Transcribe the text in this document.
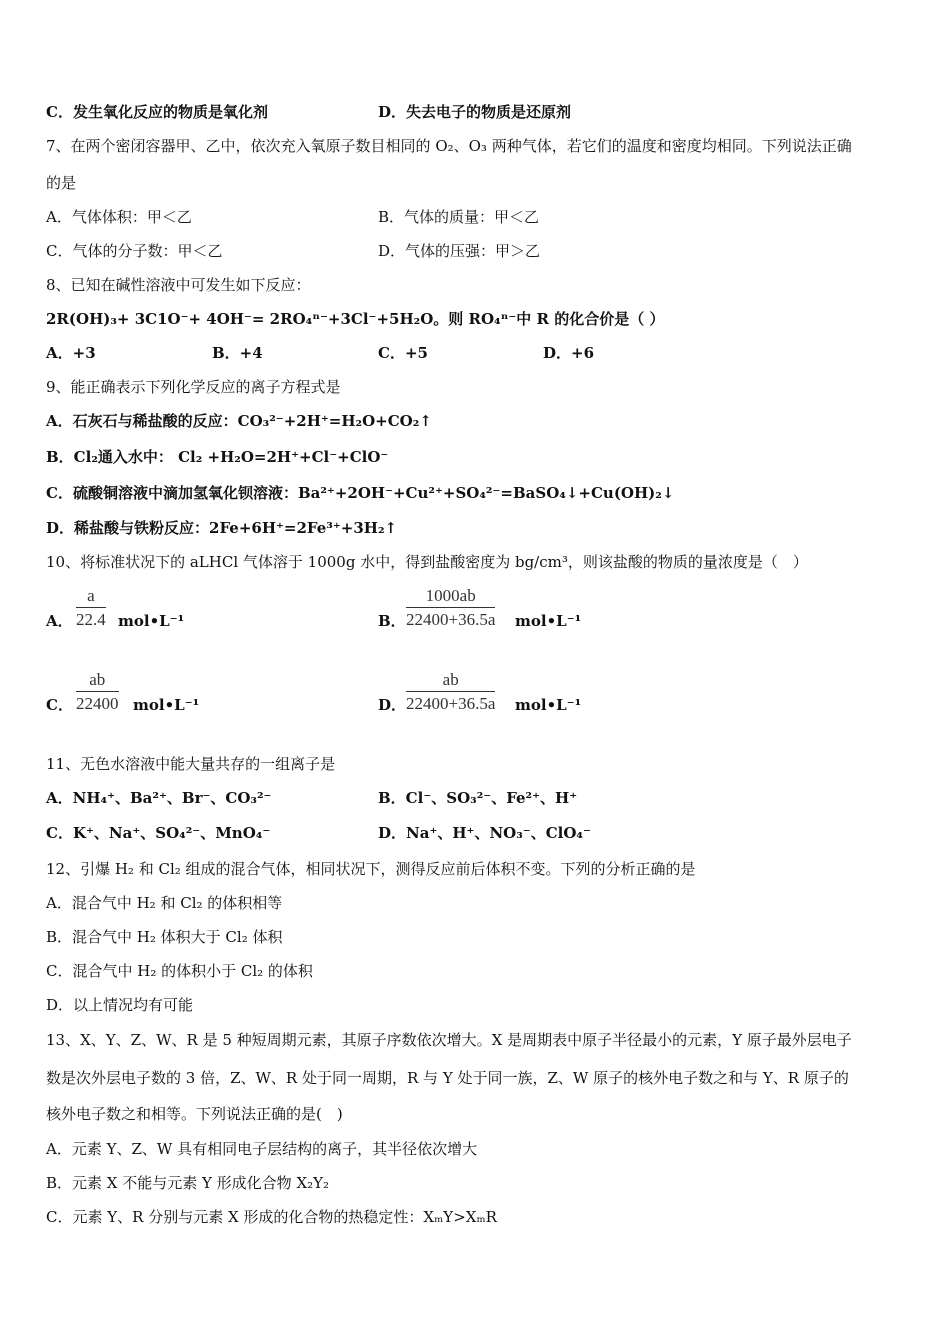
C．发生氧化反应的物质是氧化剂	D．失去电子的物质是还原剂
7、在两个密闭容器甲、乙中，依次充入氧原子数目相同的 O₂、O₃ 两种气体，若它们的温度和密度均相同。下列说法正确
的是
A．气体体积：甲＜乙	B．气体的质量：甲＜乙
C．气体的分子数：甲＜乙	D．气体的压强：甲＞乙
8、已知在碱性溶液中可发生如下反应：
2R(OH)₃+ 3C1O⁻+ 4OH⁻= 2RO₄ⁿ⁻+3Cl⁻+5H₂O。则 RO₄ⁿ⁻中 R 的化合价是（ ）
A．+3	B．+4	C．+5	D．+6
9、能正确表示下列化学反应的离子方程式是
A．石灰石与稀盐酸的反应：CO₃²⁻+2H⁺=H₂O+CO₂↑
B．Cl₂通入水中： Cl₂ +H₂O=2H⁺+Cl⁻+ClO⁻
C．硫酸铜溶液中滴加氢氧化钡溶液：Ba²⁺+2OH⁻+Cu²⁺+SO₄²⁻=BaSO₄↓+Cu(OH)₂↓
D．稀盐酸与铁粉反应：2Fe+6H⁺=2Fe³⁺+3H₂↑
10、将标准状况下的 aLHCl 气体溶于 1000g 水中，得到盐酸密度为 bg/cm³，则该盐酸的物质的量浓度是（　）
A． $\frac{a}{22.4}$ mol•L⁻¹	B． $\frac{1000ab}{22400+36.5a}$ mol•L⁻¹
C． $\frac{ab}{22400}$ mol•L⁻¹	D． $\frac{ab}{22400+36.5a}$ mol•L⁻¹
11、无色水溶液中能大量共存的一组离子是
A．NH₄⁺、Ba²⁺、Br⁻、CO₃²⁻	B．Cl⁻、SO₃²⁻、Fe²⁺、H⁺
C．K⁺、Na⁺、SO₄²⁻、MnO₄⁻	D．Na⁺、H⁺、NO₃⁻、ClO₄⁻
12、引爆 H₂ 和 Cl₂ 组成的混合气体，相同状况下，测得反应前后体积不变。下列的分析正确的是
A．混合气中 H₂ 和 Cl₂ 的体积相等
B．混合气中 H₂ 体积大于 Cl₂ 体积
C．混合气中 H₂ 的体积小于 Cl₂ 的体积
D．以上情况均有可能
13、X、Y、Z、W、R 是 5 种短周期元素，其原子序数依次增大。X 是周期表中原子半径最小的元素，Y 原子最外层电子
数是次外层电子数的 3 倍，Z、W、R 处于同一周期，R 与 Y 处于同一族，Z、W 原子的核外电子数之和与 Y、R 原子的
核外电子数之和相等。下列说法正确的是(　)
A．元素 Y、Z、W 具有相同电子层结构的离子，其半径依次增大
B．元素 X 不能与元素 Y 形成化合物 X₂Y₂
C．元素 Y、R 分别与元素 X 形成的化合物的热稳定性：XₘY>XₘR
